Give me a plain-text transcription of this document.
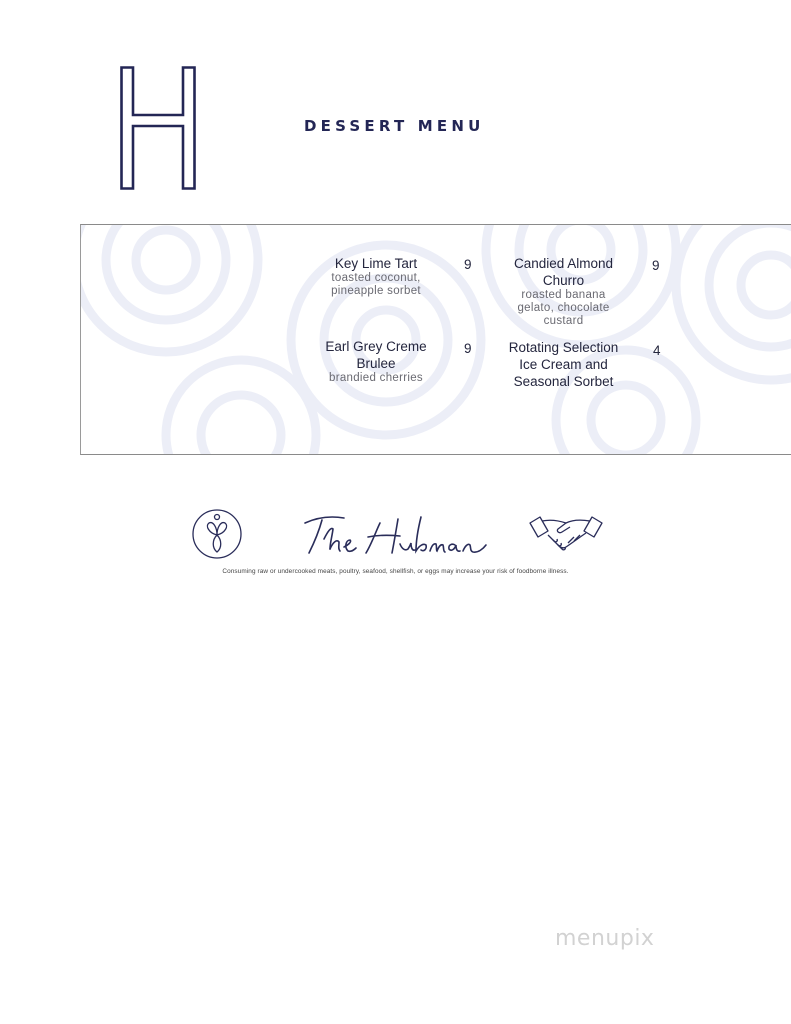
DESSERT MENU
Key Lime Tart
toasted coconut, pineapple sorbet
9	Candied Almond Churro
roasted banana gelato, chocolate custard
9
Earl Grey Creme Brulee
brandied cherries
9	Rotating Selection Ice Cream and Seasonal Sorbet
4
Consuming raw or undercooked meats, poultry, seafood, shellfish, or eggs may increase your risk of foodborne illness.
menupix
